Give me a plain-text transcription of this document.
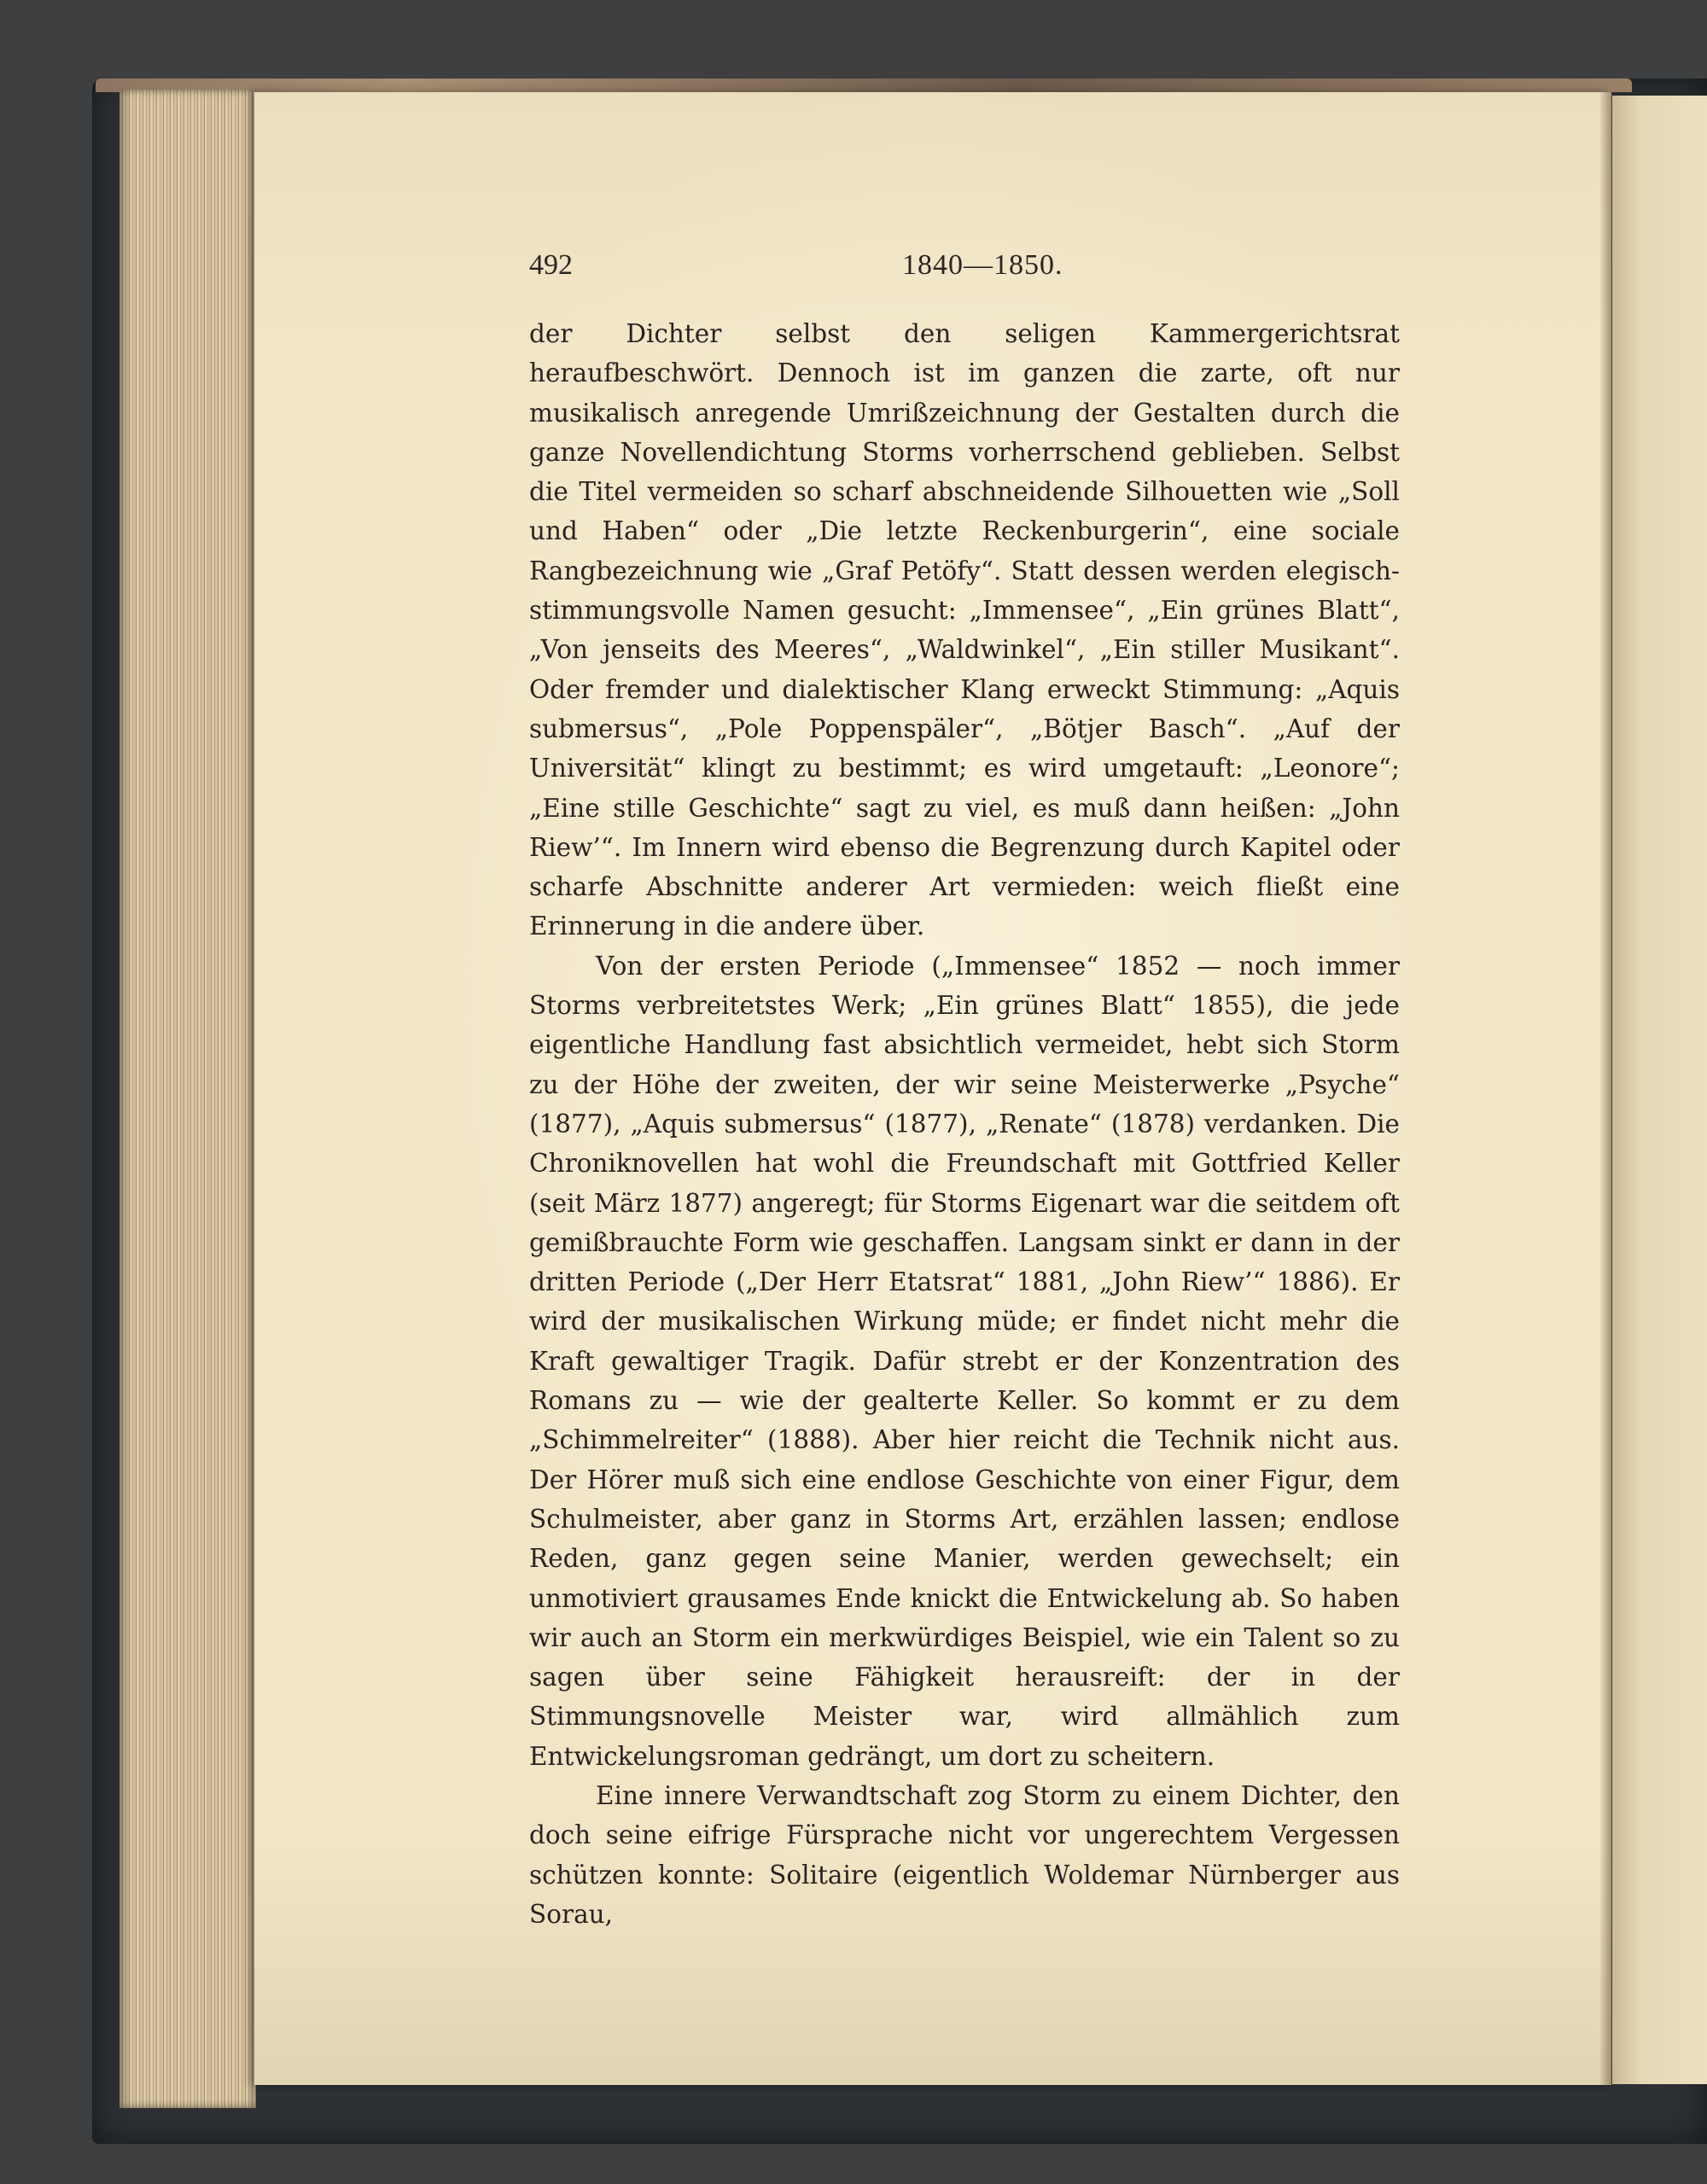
492	1840—1850.

der Dichter selbst den seligen Kammergerichtsrat heraufbeschwört. Dennoch ist im ganzen die zarte, oft nur musikalisch anregende Umrißzeichnung der Gestalten durch die ganze Novellendichtung Storms vorherrschend geblieben. Selbst die Titel vermeiden so scharf abschneidende Silhouetten wie „Soll und Haben“ oder „Die letzte Reckenburgerin“, eine sociale Rangbezeichnung wie „Graf Petöfy“. Statt dessen werden elegisch-stimmungsvolle Namen gesucht: „Immensee“, „Ein grünes Blatt“, „Von jenseits des Meeres“, „Waldwinkel“, „Ein stiller Musikant“. Oder fremder und dialektischer Klang erweckt Stimmung: „Aquis submersus“, „Pole Poppenspäler“, „Bötjer Basch“. „Auf der Universität“ klingt zu bestimmt; es wird umgetauft: „Leonore“; „Eine stille Geschichte“ sagt zu viel, es muß dann heißen: „John Riew’“. Im Innern wird ebenso die Begrenzung durch Kapitel oder scharfe Abschnitte anderer Art vermieden: weich fließt eine Erinnerung in die andere über.

Von der ersten Periode („Immensee“ 1852 — noch immer Storms verbreitetstes Werk; „Ein grünes Blatt“ 1855), die jede eigentliche Handlung fast absichtlich vermeidet, hebt sich Storm zu der Höhe der zweiten, der wir seine Meisterwerke „Psyche“ (1877), „Aquis submersus“ (1877), „Renate“ (1878) verdanken. Die Chroniknovellen hat wohl die Freundschaft mit Gottfried Keller (seit März 1877) angeregt; für Storms Eigenart war die seitdem oft gemißbrauchte Form wie geschaffen. Langsam sinkt er dann in der dritten Periode („Der Herr Etatsrat“ 1881, „John Riew’“ 1886). Er wird der musikalischen Wirkung müde; er findet nicht mehr die Kraft gewaltiger Tragik. Dafür strebt er der Konzentration des Romans zu — wie der gealterte Keller. So kommt er zu dem „Schimmelreiter“ (1888). Aber hier reicht die Technik nicht aus. Der Hörer muß sich eine endlose Geschichte von einer Figur, dem Schulmeister, aber ganz in Storms Art, erzählen lassen; endlose Reden, ganz gegen seine Manier, werden gewechselt; ein unmotiviert grausames Ende knickt die Entwickelung ab. So haben wir auch an Storm ein merkwürdiges Beispiel, wie ein Talent so zu sagen über seine Fähigkeit herausreift: der in der Stimmungsnovelle Meister war, wird allmählich zum Entwickelungsroman gedrängt, um dort zu scheitern.

Eine innere Verwandtschaft zog Storm zu einem Dichter, den doch seine eifrige Fürsprache nicht vor ungerechtem Vergessen schützen konnte: Solitaire (eigentlich Woldemar Nürnberger aus Sorau,
